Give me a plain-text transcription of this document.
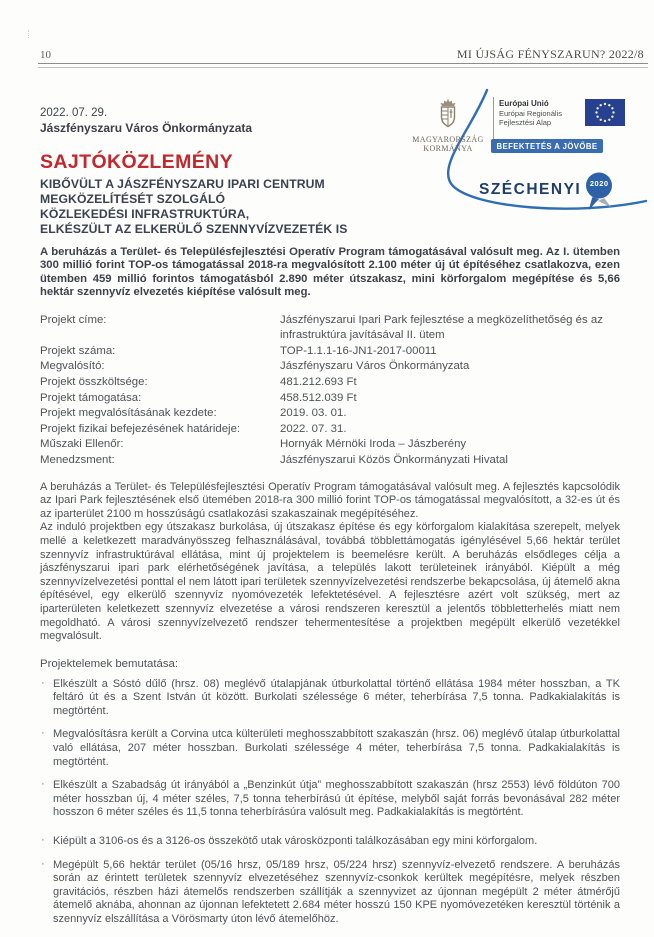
10	MI ÚJSÁG FÉNYSZARUN? 2022/8
MAGYARORSZÁG
KORMÁNYA
Európai Unió
Európai Regionális
Fejlesztési Alap
BEFEKTETÉS A JÖVŐBE
SZÉCHENYI	2020
2022. 07. 29.
Jászfényszaru Város Önkormányzata
SAJTÓKÖZLEMÉNY
KIBŐVÜLT A JÁSZFÉNYSZARU IPARI CENTRUM
MEGKÖZELÍTÉSÉT SZOLGÁLÓ
KÖZLEKEDÉSI INFRASTRUKTÚRA,
ELKÉSZÜLT AZ ELKERÜLŐ SZENNYVÍZVEZETÉK IS

A beruházás a Terület- és Településfejlesztési Operatív Program támogatásával valósult meg. Az I. ütemben 300 millió forint TOP-os támogatással 2018-ra megvalósított 2.100 méter új út építéséhez csatlakozva, ezen ütemben 459 millió forintos támogatásból 2.890 méter útszakasz, mini körforgalom megépítése és 5,66 hektár szennyvíz elvezetés kiépítése valósult meg.

Projekt címe:	Jászfényszarui Ipari Park fejlesztése a megközelíthetőség és az infrastruktúra javításával II. ütem
Projekt száma:	TOP-1.1.1-16-JN1-2017-00011
Megvalósító:	Jászfényszaru Város Önkormányzata
Projekt összköltsége:	481.212.693 Ft
Projekt támogatása:	458.512.039 Ft
Projekt megvalósításának kezdete:	2019. 03. 01.
Projekt fizikai befejezésének határideje:	2022. 07. 31.
Műszaki Ellenőr:	Hornyák Mérnöki Iroda – Jászberény
Menedzsment:	Jászfényszarui Közös Önkormányzati Hivatal

A beruházás a Terület- és Településfejlesztési Operatív Program támogatásával valósult meg. A fejlesztés kapcsolódik az Ipari Park fejlesztésének első ütemében 2018-ra 300 millió forint TOP-os támogatással megvalósított, a 32-es út és az iparterület 2100 m hosszúságú csatlakozási szakaszainak megépítéséhez.

Az induló projektben egy útszakasz burkolása, új útszakasz építése és egy körforgalom kialakítása szerepelt, melyek mellé a keletkezett maradványösszeg felhasználásával, továbbá többlettámogatás igénylésével 5,66 hektár terület szennyvíz infrastruktúrával ellátása, mint új projektelem is beemelésre került. A beruházás elsődleges célja a jászfényszarui ipari park elérhetőségének javítása, a település lakott területeinek irányából. Kiépült a még szennyvízelvezetési ponttal el nem látott ipari területek szennyvízelvezetési rendszerbe bekapcsolása, új átemelő akna építésével, egy elkerülő szennyvíz nyomóvezeték lefektetésével. A fejlesztésre azért volt szükség, mert az iparterületen keletkezett szennyvíz elvezetése a városi rendszeren keresztül a jelentős többletterhelés miatt nem megoldható. A városi szennyvízelvezető rendszer tehermentesítése a projektben megépült elkerülő vezetékkel megvalósult.

Projektelemek bemutatása:
· Elkészült a Sóstó dűlő (hrsz. 08) meglévő útalapjának útburkolattal történő ellátása 1984 méter hosszban, a TK feltáró út és a Szent István út között. Burkolati szélessége 6 méter, teherbírása 7,5 tonna. Padkakialakítás is megtörtént.
· Megvalósításra került a Corvina utca külterületi meghosszabbított szakaszán (hrsz. 06) meglévő útalap útburkolattal való ellátása, 207 méter hosszban. Burkolati szélessége 4 méter, teherbírása 7,5 tonna. Padkakialakítás is megtörtént.
· Elkészült a Szabadság út irányából a „Benzinkút útja” meghosszabbított szakaszán (hrsz 2553) lévő földúton 700 méter hosszban új, 4 méter széles, 7,5 tonna teherbírású út építése, melyből saját forrás bevonásával 282 méter hosszon 6 méter széles és 11,5 tonna teherbírásúra valósult meg. Padkakialakítás is megtörtént.
· Kiépült a 3106-os és a 3126-os összekötő utak városközponti találkozásában egy mini körforgalom.
· Megépült 5,66 hektár terület (05/16 hrsz, 05/189 hrsz, 05/224 hrsz) szennyvíz-elvezető rendszere. A beruházás során az érintett területek szennyvíz elvezetéséhez szennyvíz-csonkok kerültek megépítésre, melyek részben gravitációs, részben házi átemelős rendszerben szállítják a szennyvizet az újonnan megépült 2 méter átmérőjű átemelő aknába, ahonnan az újonnan lefektetett 2.684 méter hosszú 150 KPE nyomóvezetéken keresztül történik a szennyvíz elszállítása a Vörösmarty úton lévő átemelőhöz.
